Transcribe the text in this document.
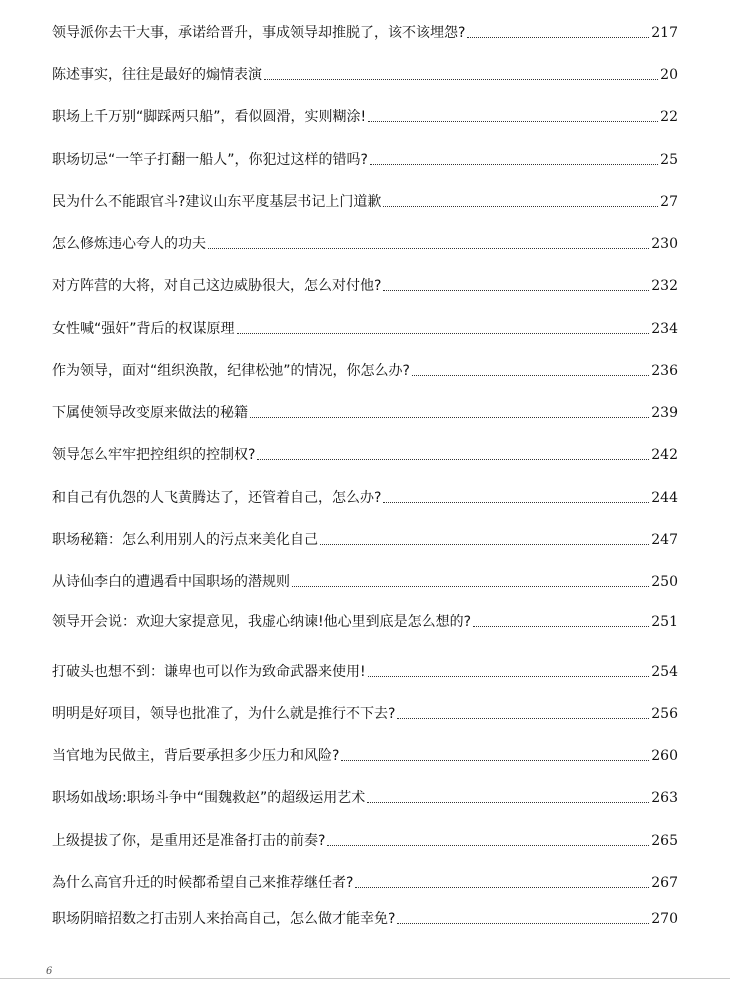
领导派你去干大事，承诺给晋升，事成领导却推脱了，该不该埋怨?	217
陈述事实，往往是最好的煽情表演	20
职场上千万别“脚踩两只船”，看似圆滑，实则糊涂!	22
职场切忌“一竿子打翻一船人”，你犯过这样的错吗?	25
民为什么不能跟官斗?建议山东平度基层书记上门道歉	27
怎么修炼违心夸人的功夫	230
对方阵营的大将，对自己这边威胁很大，怎么对付他?	232
女性喊“强奸”背后的权谋原理	234
作为领导，面对“组织涣散，纪律松弛”的情况，你怎么办?	236
下属使领导改变原来做法的秘籍	239
领导怎么牢牢把控组织的控制权?	242
和自己有仇怨的人飞黄腾达了，还管着自己，怎么办?	244
职场秘籍：怎么利用别人的污点来美化自己	247
从诗仙李白的遭遇看中国职场的潜规则	250
领导开会说：欢迎大家提意见，我虚心纳谏!他心里到底是怎么想的?	251
打破头也想不到：谦卑也可以作为致命武器来使用!	254
明明是好项目，领导也批准了，为什么就是推行不下去?	256
当官地为民做主，背后要承担多少压力和风险?	260
职场如战场:职场斗争中“围魏救赵”的超级运用艺术	263
上级提拔了你，是重用还是准备打击的前奏?	265
為什么高官升迁的时候都希望自己来推荐继任者?	267
职场阴暗招数之打击别人来抬高自己，怎么做才能幸免?	270
6
